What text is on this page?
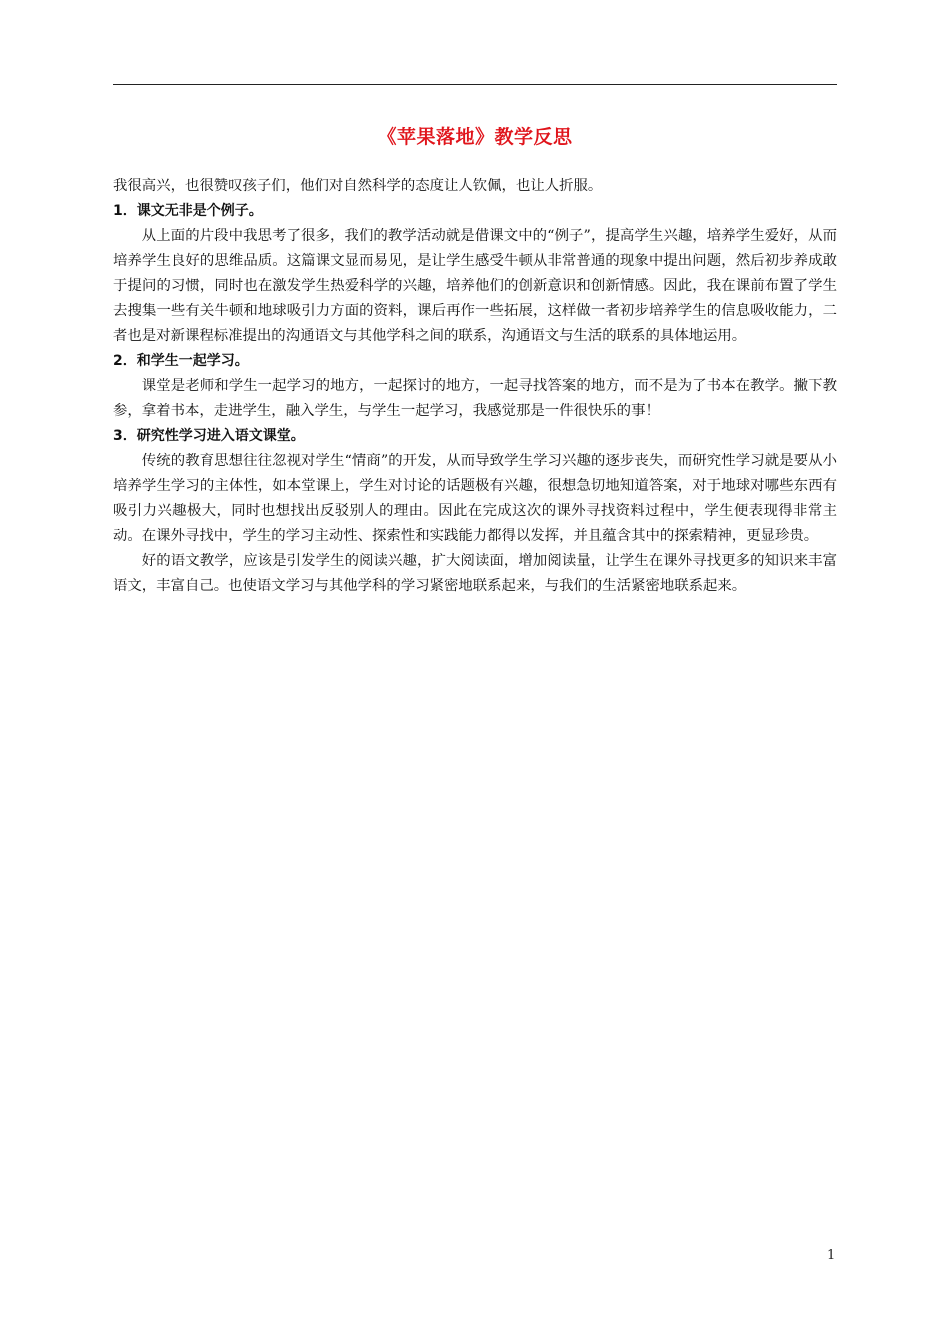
《苹果落地》教学反思

我很高兴，也很赞叹孩子们，他们对自然科学的态度让人钦佩，也让人折服。

1．课文无非是个例子。

从上面的片段中我思考了很多，我们的教学活动就是借课文中的“例子”，提高学生兴趣，培养学生爱好，从而培养学生良好的思维品质。这篇课文显而易见，是让学生感受牛顿从非常普通的现象中提出问题，然后初步养成敢于提问的习惯，同时也在激发学生热爱科学的兴趣，培养他们的创新意识和创新情感。因此，我在课前布置了学生去搜集一些有关牛顿和地球吸引力方面的资料，课后再作一些拓展，这样做一者初步培养学生的信息吸收能力，二者也是对新课程标准提出的沟通语文与其他学科之间的联系，沟通语文与生活的联系的具体地运用。

2．和学生一起学习。

课堂是老师和学生一起学习的地方，一起探讨的地方，一起寻找答案的地方，而不是为了书本在教学。撇下教参，拿着书本，走进学生，融入学生，与学生一起学习，我感觉那是一件很快乐的事！

3．研究性学习进入语文课堂。

传统的教育思想往往忽视对学生“情商”的开发，从而导致学生学习兴趣的逐步丧失，而研究性学习就是要从小培养学生学习的主体性，如本堂课上，学生对讨论的话题极有兴趣，很想急切地知道答案，对于地球对哪些东西有吸引力兴趣极大，同时也想找出反驳别人的理由。因此在完成这次的课外寻找资料过程中，学生便表现得非常主动。在课外寻找中，学生的学习主动性、探索性和实践能力都得以发挥，并且蕴含其中的探索精神，更显珍贵。

好的语文教学，应该是引发学生的阅读兴趣，扩大阅读面，增加阅读量，让学生在课外寻找更多的知识来丰富语文，丰富自己。也使语文学习与其他学科的学习紧密地联系起来，与我们的生活紧密地联系起来。

1
